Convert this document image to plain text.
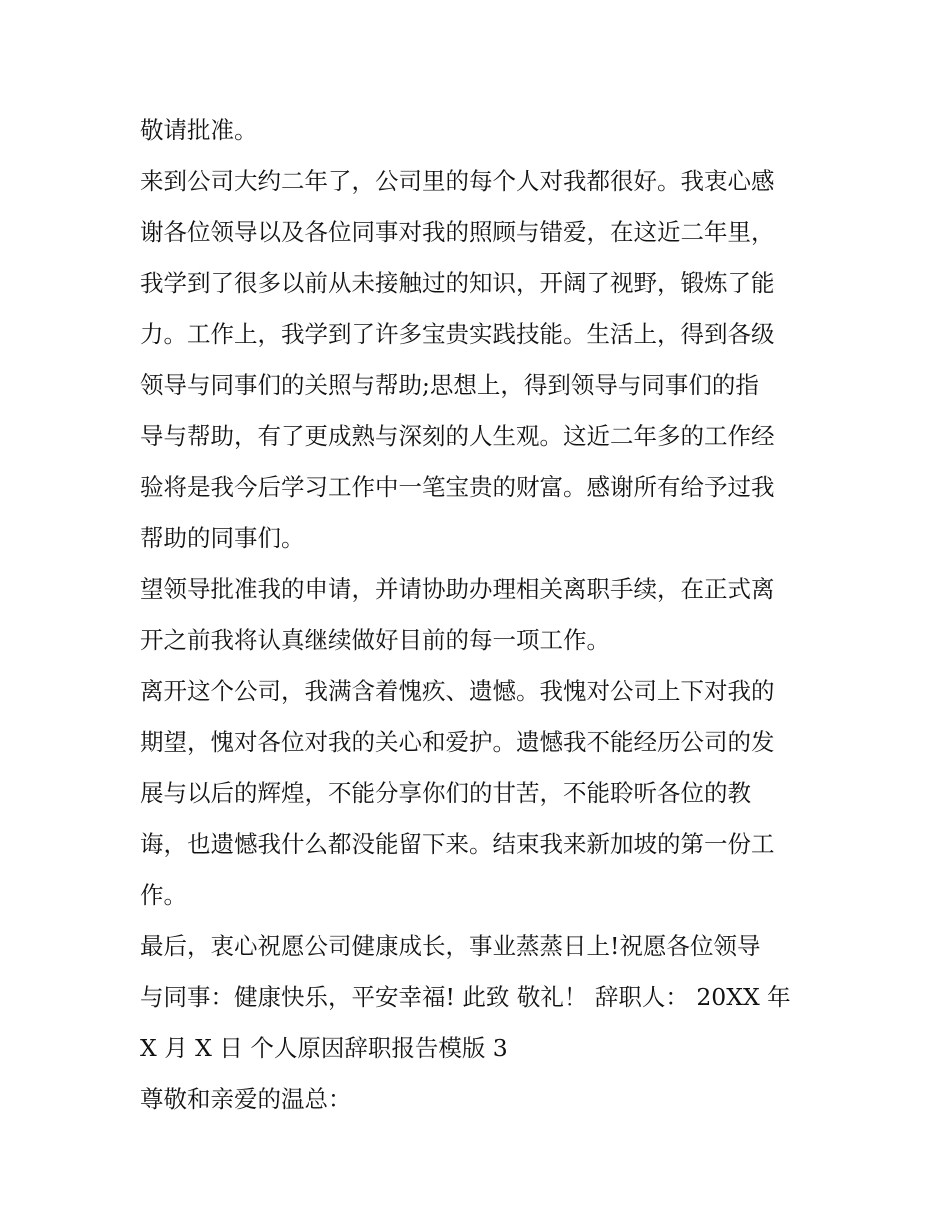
敬请批准。
来到公司大约二年了，公司里的每个人对我都很好。我衷心感
谢各位领导以及各位同事对我的照顾与错爱，在这近二年里，
我学到了很多以前从未接触过的知识，开阔了视野，锻炼了能
力。工作上，我学到了许多宝贵实践技能。生活上，得到各级
领导与同事们的关照与帮助;思想上，得到领导与同事们的指
导与帮助，有了更成熟与深刻的人生观。这近二年多的工作经
验将是我今后学习工作中一笔宝贵的财富。感谢所有给予过我
帮助的同事们。
望领导批准我的申请，并请协助办理相关离职手续，在正式离
开之前我将认真继续做好目前的每一项工作。
离开这个公司，我满含着愧疚、遗憾。我愧对公司上下对我的
期望，愧对各位对我的关心和爱护。遗憾我不能经历公司的发
展与以后的辉煌，不能分享你们的甘苦，不能聆听各位的教
诲，也遗憾我什么都没能留下来。结束我来新加坡的第一份工
作。
最后，衷心祝愿公司健康成长，事业蒸蒸日上!祝愿各位领导
与同事：健康快乐，平安幸福! 此致 敬礼！ 辞职人： 20XX 年
X 月 X 日 个人原因辞职报告模版 3
尊敬和亲爱的温总：
